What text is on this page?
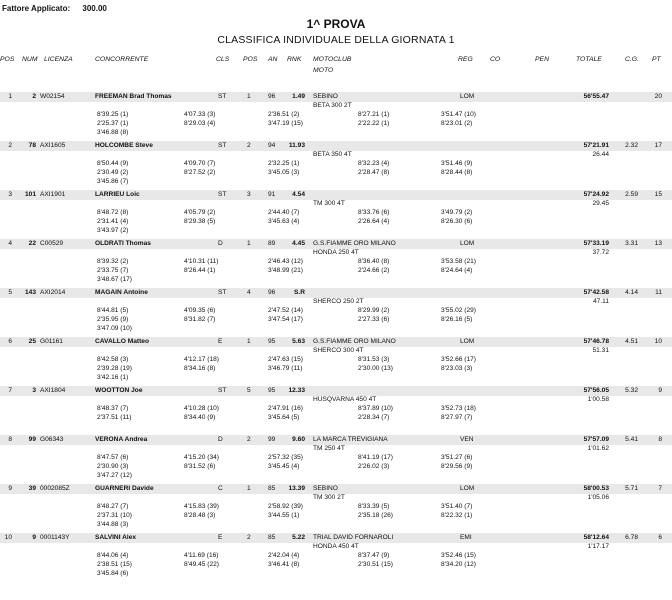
Fattore Applicato: 300.00
1^ PROVA
CLASSIFICA INDIVIDUALE DELLA GIORNATA 1
POS NUM LICENZA	CONCORRENTE	CLS POS AN RNK MOTOCLUB
MOTO
REG	CO	PEN	TOTALE	C.G. PT
1	2 W02154	FREEMAN Brad Thomas	ST	1	96	1.49 SEBINO	LOM	56'55.47	20
BETA 300 2T
8'39.25 (1)	4'07.33 (3)	2'36.51 (2)	8'27.21 (1)	3'51.47 (10)
2'25.37 (1)	8'29.03 (4)	3'47.19 (15)	2'22.22 (1)	8'23.01 (2)
3'46.88 (8)
2	78 AXI1605	HOLCOMBE Steve	ST	2	94 11.93	57'21.91 2.32	17
BETA 350 4T	26.44
8'50.44 (9)	4'09.70 (7)	2'32.25 (1)	8'32.23 (4)	3'51.46 (9)
2'30.49 (2)	8'27.52 (2)	3'45.05 (3)	2'28.47 (8)	8'28.44 (8)
3'45.86 (7)
3 101 AXI1901	LARRIEU Loic	ST	3	91	4.54	57'24.92 2.59	15
TM 300 4T	29.45
8'48.72 (8)	4'05.79 (2)	2'44.40 (7)	8'33.76 (6)	3'49.79 (2)
2'31.41 (4)	8'29.38 (5)	3'45.63 (4)	2'26.64 (4)	8'26.30 (6)
3'43.97 (2)
4	22 C00529	OLDRATI Thomas	D	1	89	4.45 G.S.FIAMME ORO MILANO	LOM	57'33.19 3.31	13
HONDA 250 4T	37.72
8'39.32 (2)	4'10.31 (11)	2'46.43 (12)	8'36.40 (8)	3'53.58 (21)
2'33.75 (7)	8'26.44 (1)	3'48.99 (21)	2'24.66 (2)	8'24.64 (4)
3'48.67 (17)
5 143 AXI2014	MAGAIN Antoine	ST	4	96	S.R	57'42.58 4.14	11
SHERCO 250 2T	47.11
8'44.81 (5)	4'09.35 (6)	2'47.52 (14)	8'29.99 (2)	3'55.02 (29)
2'35.95 (9)	8'31.82 (7)	3'47.54 (17)	2'27.33 (6)	8'26.16 (5)
3'47.09 (10)
6	25 G01161	CAVALLO Matteo	E	1	95	5.63 G.S.FIAMME ORO MILANO	LOM	57'46.78 4.51	10
SHERCO 300 4T	51.31
8'42.58 (3)	4'12.17 (18)	2'47.63 (15)	8'31.53 (3)	3'52.66 (17)
2'39.28 (19)	8'34.16 (8)	3'46.79 (11)	2'30.00 (13)	8'23.03 (3)
3'42.16 (1)
7	3 AXI1804	WOOTTON Joe	ST	5	95 12.33	57'56.05 5.32	9
HUSQVARNA 450 4T	1'00.58
8'48.37 (7)	4'10.28 (10)	2'47.91 (16)	8'37.89 (10)	3'52.73 (18)
2'37.51 (11)	8'34.40 (9)	3'45.64 (5)	2'28.34 (7)	8'27.97 (7)
8	99 G06343	VERONA Andrea	D	2	99	9.60 LA MARCA TREVIGIANA	VEN	57'57.09 5.41	8
TM 250 4T	1'01.62
8'47.57 (6)	4'15.20 (34)	2'57.32 (35)	8'41.19 (17)	3'51.27 (6)
2'30.90 (3)	8'31.52 (6)	3'45.45 (4)	2'26.02 (3)	8'29.56 (9)
3'47.27 (12)
9	39 0002085Z	GUARNERI Davide	C	1	85 13.39 SEBINO	LOM	58'00.53 5.71	7
TM 300 2T	1'05.06
8'48.27 (7)	4'15.83 (39)	2'58.92 (39)	8'33.39 (5)	3'51.40 (7)
2'37.31 (10)	8'28.48 (3)	3'44.55 (1)	2'35.18 (26)	8'22.32 (1)
3'44.88 (3)
10	9 0001143Y	SALVINI Alex	E	2	85	5.22 TRIAL DAVID FORNAROLI	EMI	58'12.64 6.78	6
HONDA 450 4T	1'17.17
8'44.06 (4)	4'11.69 (16)	2'42.04 (4)	8'37.47 (9)	3'52.46 (15)
2'38.51 (15)	8'49.45 (22)	3'46.41 (8)	2'30.51 (15)	8'34.20 (12)
3'45.84 (6)
